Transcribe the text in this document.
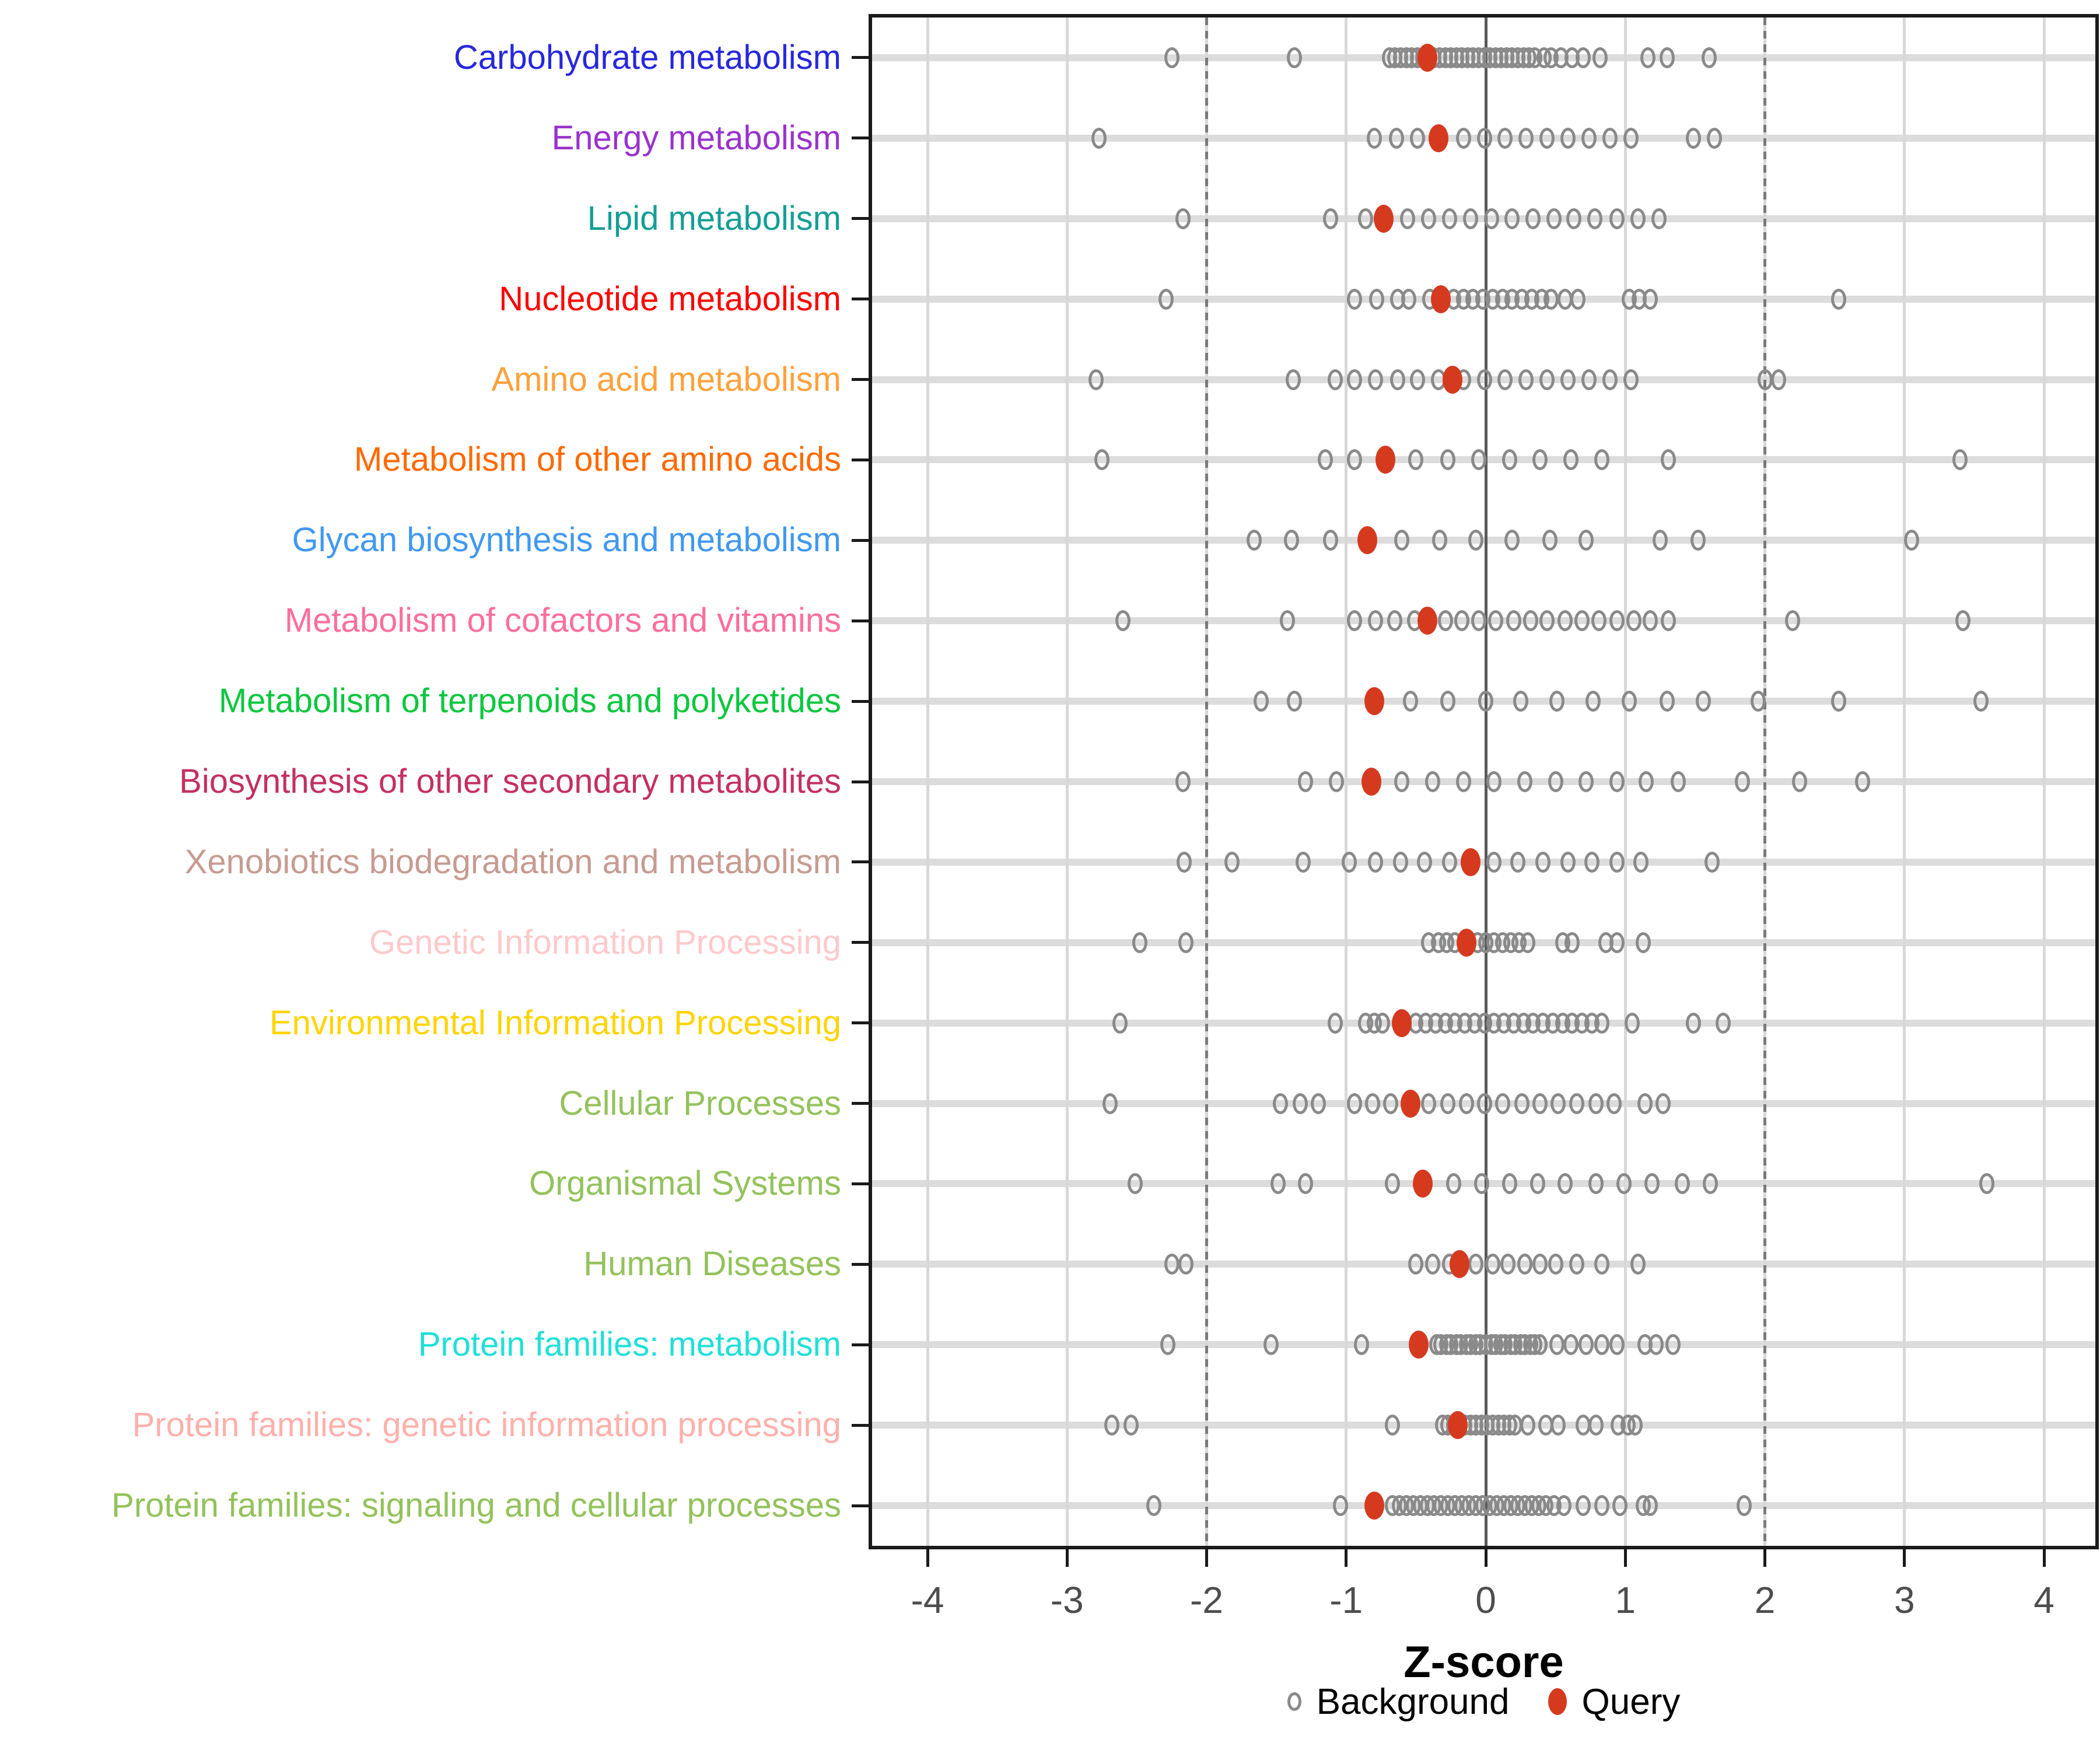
-4	-3	-2	-1	0	1	2	3	4
Carbohydrate metabolism
Energy metabolism
Lipid metabolism
Nucleotide metabolism
Amino acid metabolism
Metabolism of other amino acids
Glycan biosynthesis and metabolism
Metabolism of cofactors and vitamins
Metabolism of terpenoids and polyketides
Biosynthesis of other secondary metabolites
Xenobiotics biodegradation and metabolism
Genetic Information Processing
Environmental Information Processing
Cellular Processes
Organismal Systems
Human Diseases
Protein families: metabolism
Protein families: genetic information processing
Protein families: signaling and cellular processes
Z-score
Background Query
